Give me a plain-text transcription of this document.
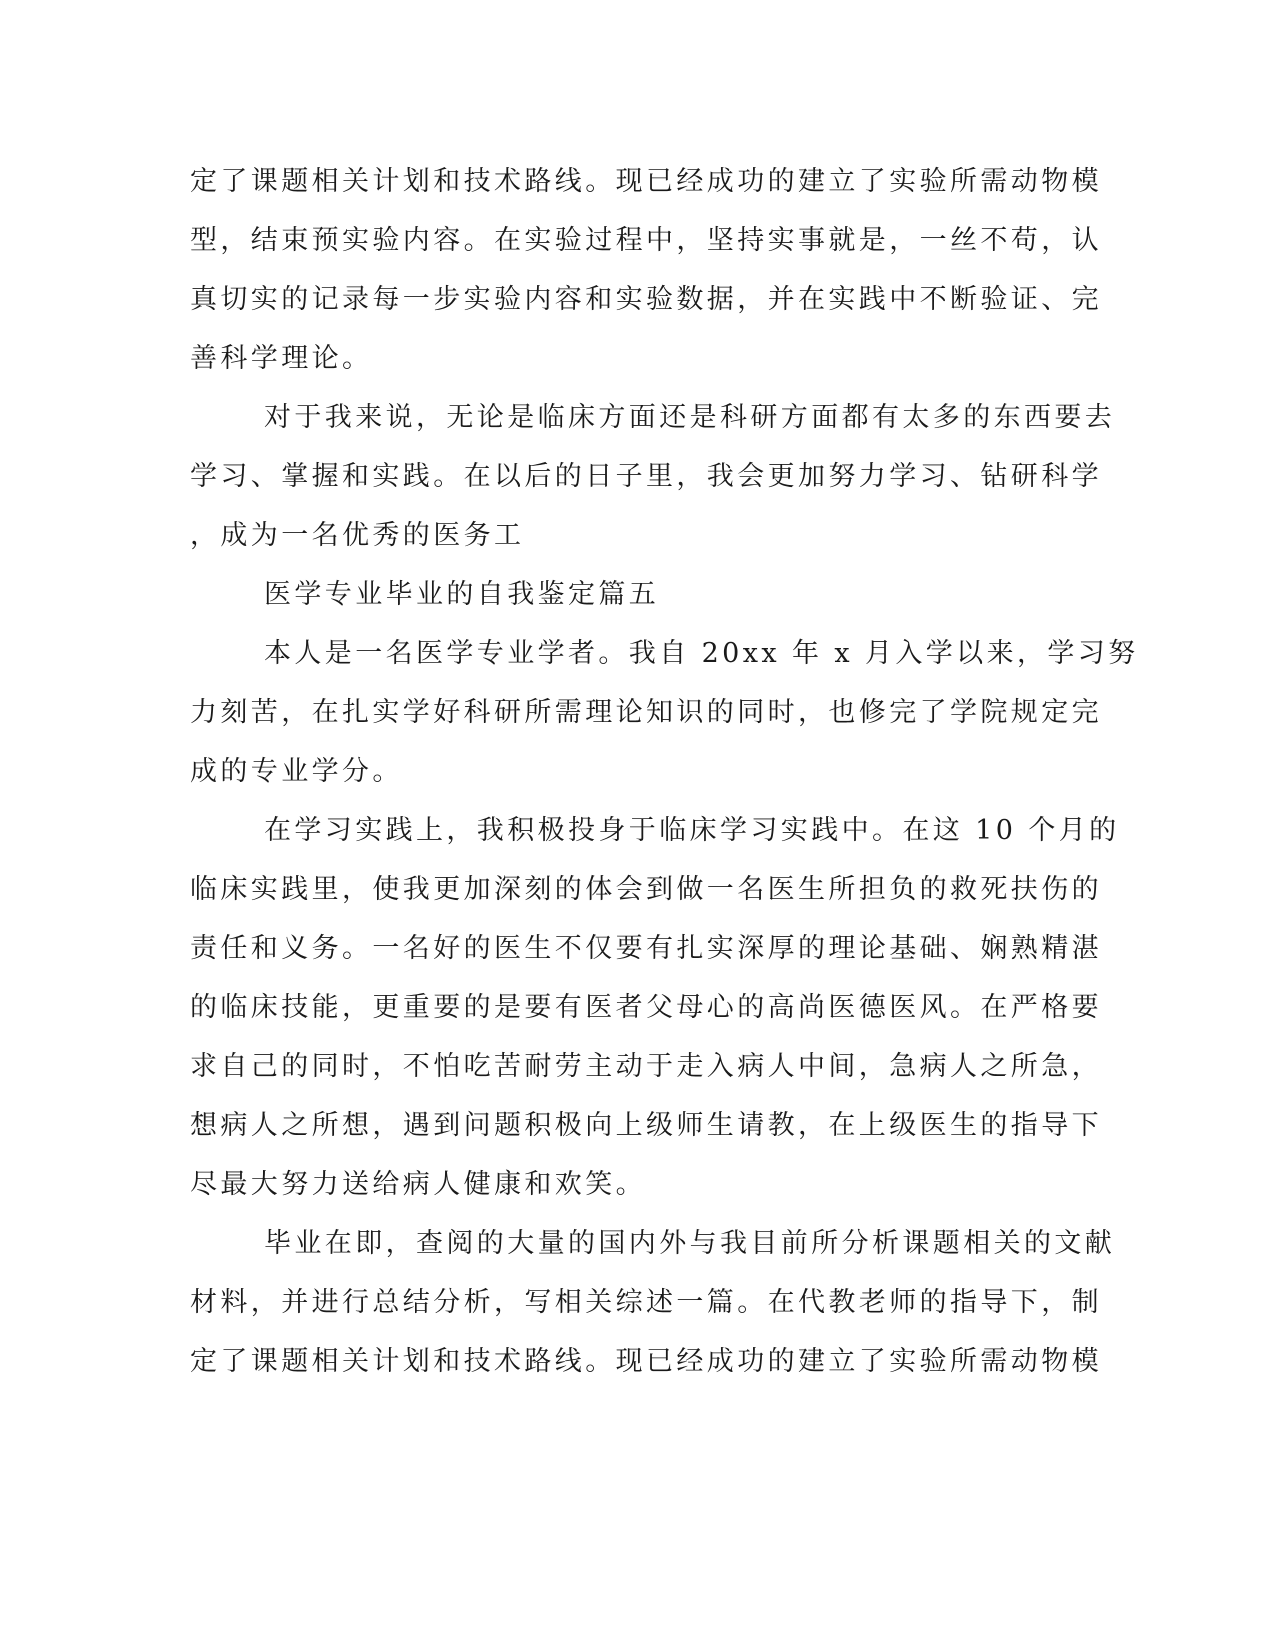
定了课题相关计划和技术路线。现已经成功的建立了实验所需动物模
型，结束预实验内容。在实验过程中，坚持实事就是，一丝不苟，认
真切实的记录每一步实验内容和实验数据，并在实践中不断验证、完
善科学理论。
对于我来说，无论是临床方面还是科研方面都有太多的东西要去
学习、掌握和实践。在以后的日子里，我会更加努力学习、钻研科学
，成为一名优秀的医务工
医学专业毕业的自我鉴定篇五
本人是一名医学专业学者。我自 20xx 年 x 月入学以来，学习努
力刻苦，在扎实学好科研所需理论知识的同时，也修完了学院规定完
成的专业学分。
在学习实践上，我积极投身于临床学习实践中。在这 10 个月的
临床实践里，使我更加深刻的体会到做一名医生所担负的救死扶伤的
责任和义务。一名好的医生不仅要有扎实深厚的理论基础、娴熟精湛
的临床技能，更重要的是要有医者父母心的高尚医德医风。在严格要
求自己的同时，不怕吃苦耐劳主动于走入病人中间，急病人之所急，
想病人之所想，遇到问题积极向上级师生请教，在上级医生的指导下
尽最大努力送给病人健康和欢笑。
毕业在即，查阅的大量的国内外与我目前所分析课题相关的文献
材料，并进行总结分析，写相关综述一篇。在代教老师的指导下，制
定了课题相关计划和技术路线。现已经成功的建立了实验所需动物模
